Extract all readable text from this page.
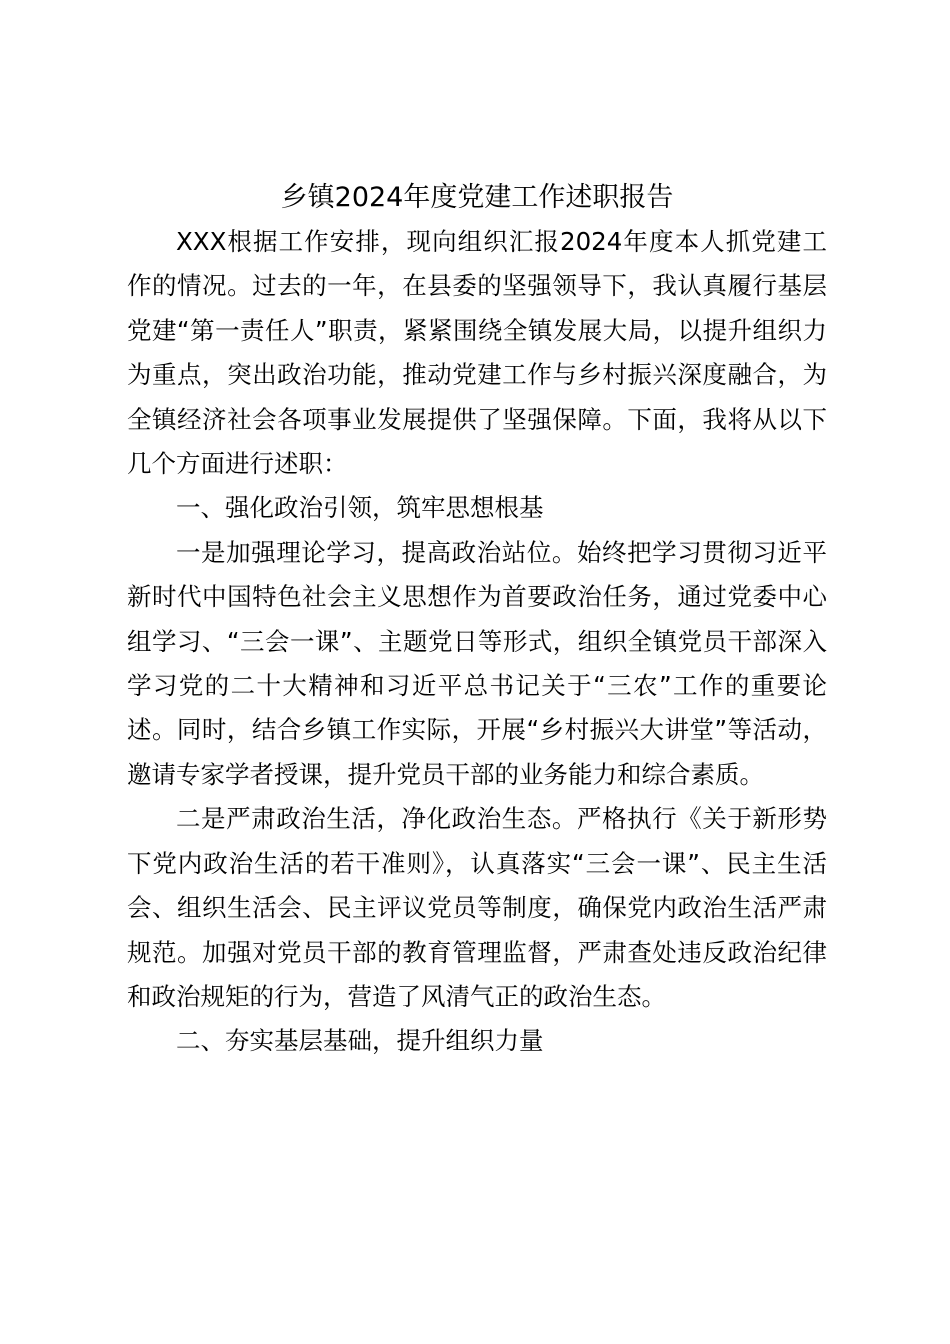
乡镇2024年度党建工作述职报告

XXX根据工作安排，现向组织汇报2024年度本人抓党建工作的情况。过去的一年，在县委的坚强领导下，我认真履行基层党建“第一责任人”职责，紧紧围绕全镇发展大局，以提升组织力为重点，突出政治功能，推动党建工作与乡村振兴深度融合，为全镇经济社会各项事业发展提供了坚强保障。下面，我将从以下几个方面进行述职：

一、强化政治引领，筑牢思想根基

一是加强理论学习，提高政治站位。始终把学习贯彻习近平新时代中国特色社会主义思想作为首要政治任务，通过党委中心组学习、“三会一课”、主题党日等形式，组织全镇党员干部深入学习党的二十大精神和习近平总书记关于“三农”工作的重要论述。同时，结合乡镇工作实际，开展“乡村振兴大讲堂”等活动，邀请专家学者授课，提升党员干部的业务能力和综合素质。

二是严肃政治生活，净化政治生态。严格执行《关于新形势下党内政治生活的若干准则》，认真落实“三会一课”、民主生活会、组织生活会、民主评议党员等制度，确保党内政治生活严肃规范。加强对党员干部的教育管理监督，严肃查处违反政治纪律和政治规矩的行为，营造了风清气正的政治生态。

二、夯实基层基础，提升组织力量
